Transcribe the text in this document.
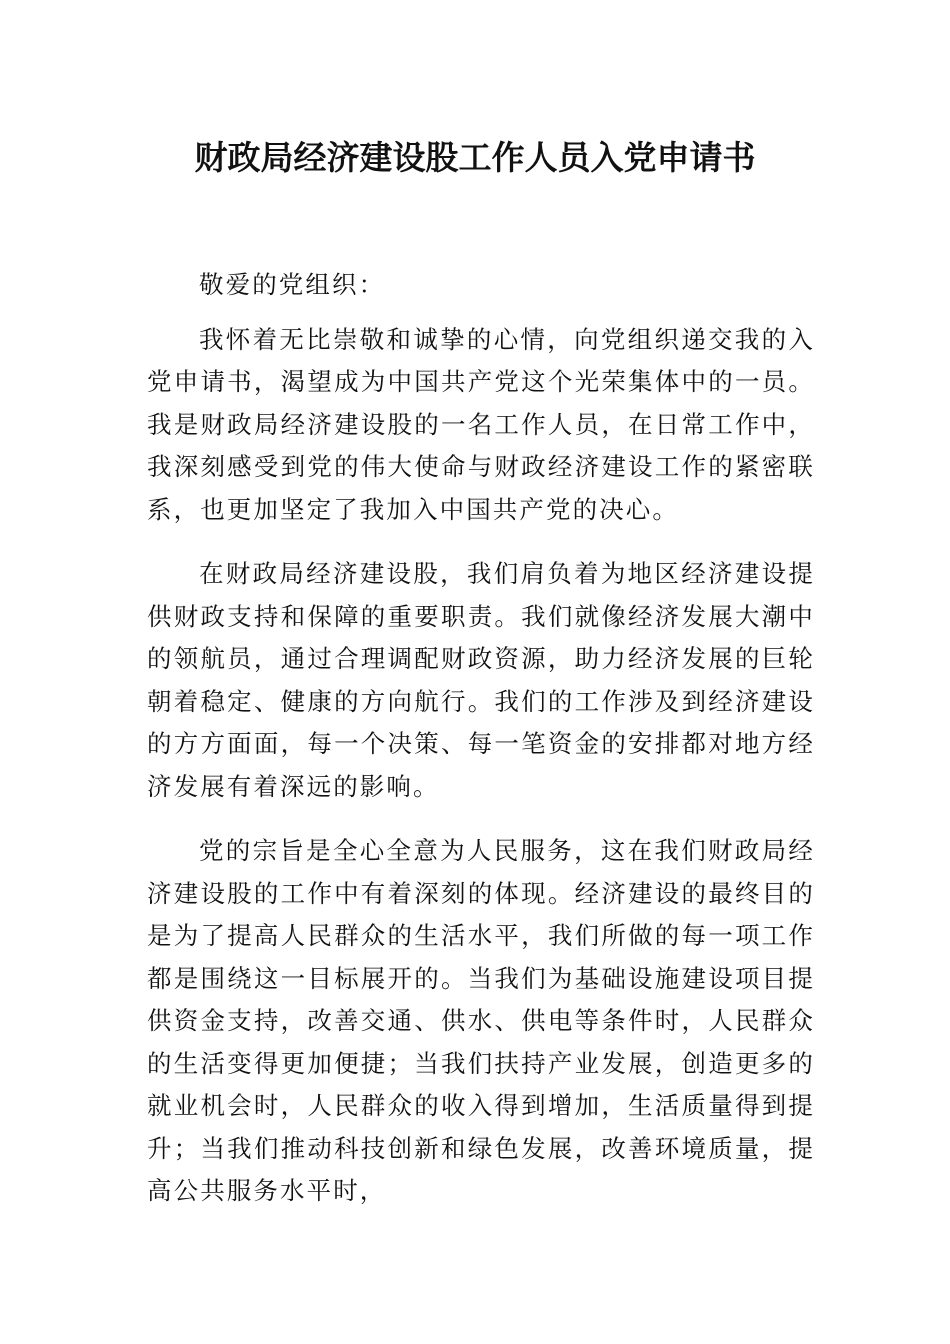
财政局经济建设股工作人员入党申请书

敬爱的党组织：

我怀着无比崇敬和诚挚的心情，向党组织递交我的入党申请书，渴望成为中国共产党这个光荣集体中的一员。我是财政局经济建设股的一名工作人员，在日常工作中，我深刻感受到党的伟大使命与财政经济建设工作的紧密联系，也更加坚定了我加入中国共产党的决心。

在财政局经济建设股，我们肩负着为地区经济建设提供财政支持和保障的重要职责。我们就像经济发展大潮中的领航员，通过合理调配财政资源，助力经济发展的巨轮朝着稳定、健康的方向航行。我们的工作涉及到经济建设的方方面面，每一个决策、每一笔资金的安排都对地方经济发展有着深远的影响。

党的宗旨是全心全意为人民服务，这在我们财政局经济建设股的工作中有着深刻的体现。经济建设的最终目的是为了提高人民群众的生活水平，我们所做的每一项工作都是围绕这一目标展开的。当我们为基础设施建设项目提供资金支持，改善交通、供水、供电等条件时，人民群众的生活变得更加便捷；当我们扶持产业发展，创造更多的就业机会时，人民群众的收入得到增加，生活质量得到提升；当我们推动科技创新和绿色发展，改善环境质量，提高公共服务水平时，
